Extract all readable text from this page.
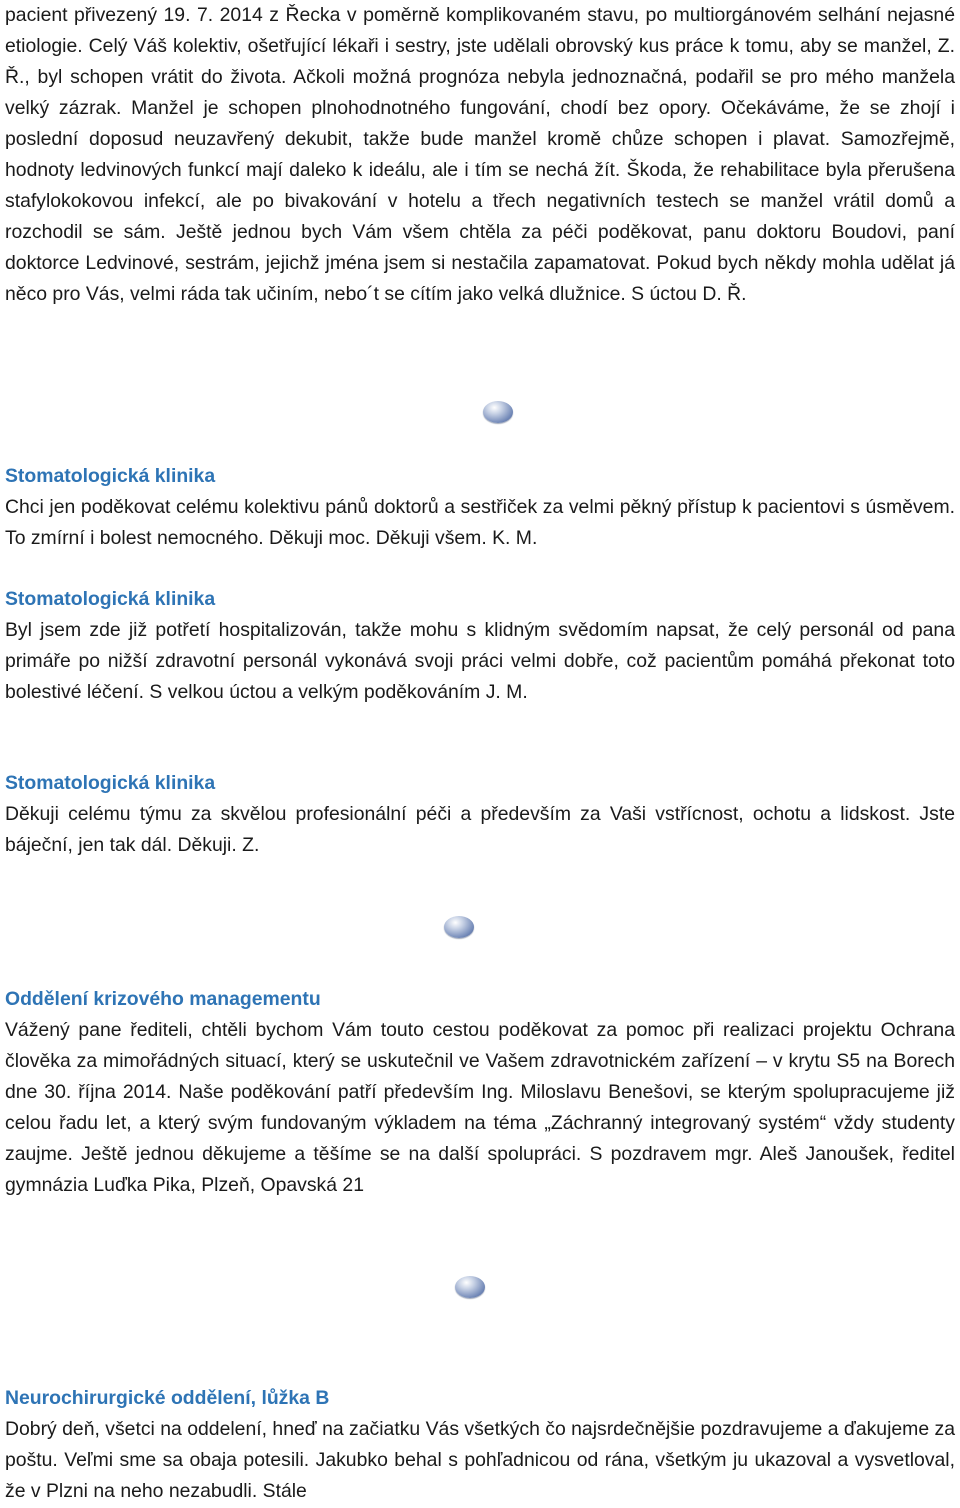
pacient přivezený 19. 7. 2014 z Řecka v poměrně komplikovaném stavu, po multiorgánovém selhání nejasné etiologie. Celý Váš kolektiv, ošetřující lékaři i sestry, jste udělali obrovský kus práce k tomu, aby se manžel, Z. Ř., byl schopen vrátit do života. Ačkoli možná prognóza nebyla jednoznačná, podařil se pro mého manžela velký zázrak. Manžel je schopen plnohodnotného fungování, chodí bez opory. Očekáváme, že se zhojí i poslední doposud neuzavřený dekubit, takže bude manžel kromě chůze schopen i plavat. Samozřejmě, hodnoty ledvinových funkcí mají daleko k ideálu, ale i tím se nechá žít. Škoda, že rehabilitace byla přerušena stafylokokovou infekcí, ale po bivakování v hotelu a třech negativních testech se manžel vrátil domů a rozchodil se sám. Ještě jednou bych Vám všem chtěla za péči poděkovat, panu doktoru Boudovi, paní doktorce Ledvinové, sestrám, jejichž jména jsem si nestačila zapamatovat. Pokud bych někdy mohla udělat já něco pro Vás, velmi ráda tak učiním, nebo´t se cítím jako velká dlužnice. S úctou D. Ř.

Stomatologická klinika

Chci jen poděkovat celému kolektivu pánů doktorů a sestřiček za velmi pěkný přístup k pacientovi s úsměvem. To zmírní i bolest nemocného. Děkuji moc. Děkuji všem. K. M.

Stomatologická klinika

Byl jsem zde již potřetí hospitalizován, takže mohu s klidným svědomím napsat, že celý personál od pana primáře po nižší zdravotní personál vykonává svoji práci velmi dobře, což pacientům pomáhá překonat toto bolestivé léčení. S velkou úctou a velkým poděkováním J. M.

Stomatologická klinika

Děkuji celému týmu za skvělou profesionální péči a především za Vaši vstřícnost, ochotu a lidskost. Jste báječní, jen tak dál. Děkuji. Z.

Oddělení krizového managementu

Vážený pane řediteli, chtěli bychom Vám touto cestou poděkovat za pomoc při realizaci projektu Ochrana člověka za mimořádných situací, který se uskutečnil ve Vašem zdravotnickém zařízení – v krytu S5 na Borech dne 30. října 2014. Naše poděkování patří především Ing. Miloslavu Benešovi, se kterým spolupracujeme již celou řadu let, a který svým fundovaným výkladem na téma „Záchranný integrovaný systém“ vždy studenty zaujme. Ještě jednou děkujeme a těšíme se na další spolupráci. S pozdravem mgr. Aleš Janoušek, ředitel gymnázia Luďka Pika, Plzeň, Opavská 21

Neurochirurgické oddělení, lůžka B

Dobrý deň, všetci na oddelení, hneď na začiatku Vás všetkých čo najsrdečnějšie pozdravujeme a ďakujeme za poštu. Veľmi sme sa obaja potesili. Jakubko behal s pohľadnicou od rána, všetkým ju ukazoval a vysvetloval, že v Plzni na neho nezabudli. Stále
